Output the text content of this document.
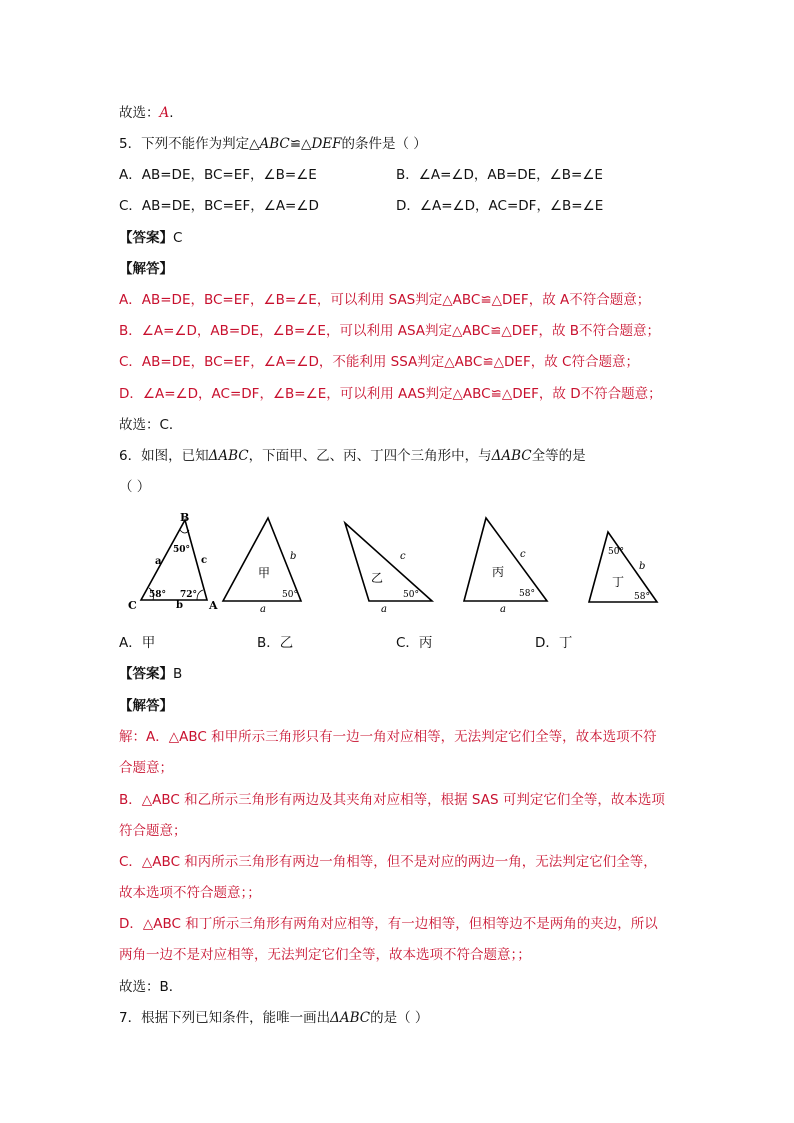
故选：A.
5．下列不能作为判定△ABC≌△DEF的条件是（ ）
A．AB=DE，BC=EF，∠B=∠E	B．∠A=∠D，AB=DE，∠B=∠E
C．AB=DE，BC=EF，∠A=∠D	D．∠A=∠D，AC=DF，∠B=∠E
【答案】C
【解答】
A．AB=DE，BC=EF，∠B=∠E，可以利用 SAS判定△ABC≌△DEF，故 A不符合题意；
B．∠A=∠D，AB=DE，∠B=∠E，可以利用 ASA判定△ABC≌△DEF，故 B不符合题意；
C．AB=DE，BC=EF，∠A=∠D，不能利用 SSA判定△ABC≌△DEF，故 C符合题意；
D．∠A=∠D，AC=DF，∠B=∠E，可以利用 AAS判定△ABC≌△DEF，故 D不符合题意；
故选：C．
6．如图，已知ΔABC，下面甲、乙、丙、丁四个三角形中，与ΔABC全等的是
（ ）
B
A
C
a	c
b
50°
58° 72°
甲
b
a
50°
乙
c
a
50°
丙
c
a
58°
丁
b
50°
58°
A．甲	B．乙	C．丙	D．丁
【答案】B
【解答】
解：A．△ABC 和甲所示三角形只有一边一角对应相等，无法判定它们全等，故本选项不符
合题意；
B．△ABC 和乙所示三角形有两边及其夹角对应相等，根据 SAS 可判定它们全等，故本选项
符合题意；
C．△ABC 和丙所示三角形有两边一角相等，但不是对应的两边一角，无法判定它们全等，
故本选项不符合题意；；
D．△ABC 和丁所示三角形有两角对应相等，有一边相等，但相等边不是两角的夹边，所以
两角一边不是对应相等，无法判定它们全等，故本选项不符合题意；；
故选：B．
7．根据下列已知条件，能唯一画出ΔABC的是（ ）
